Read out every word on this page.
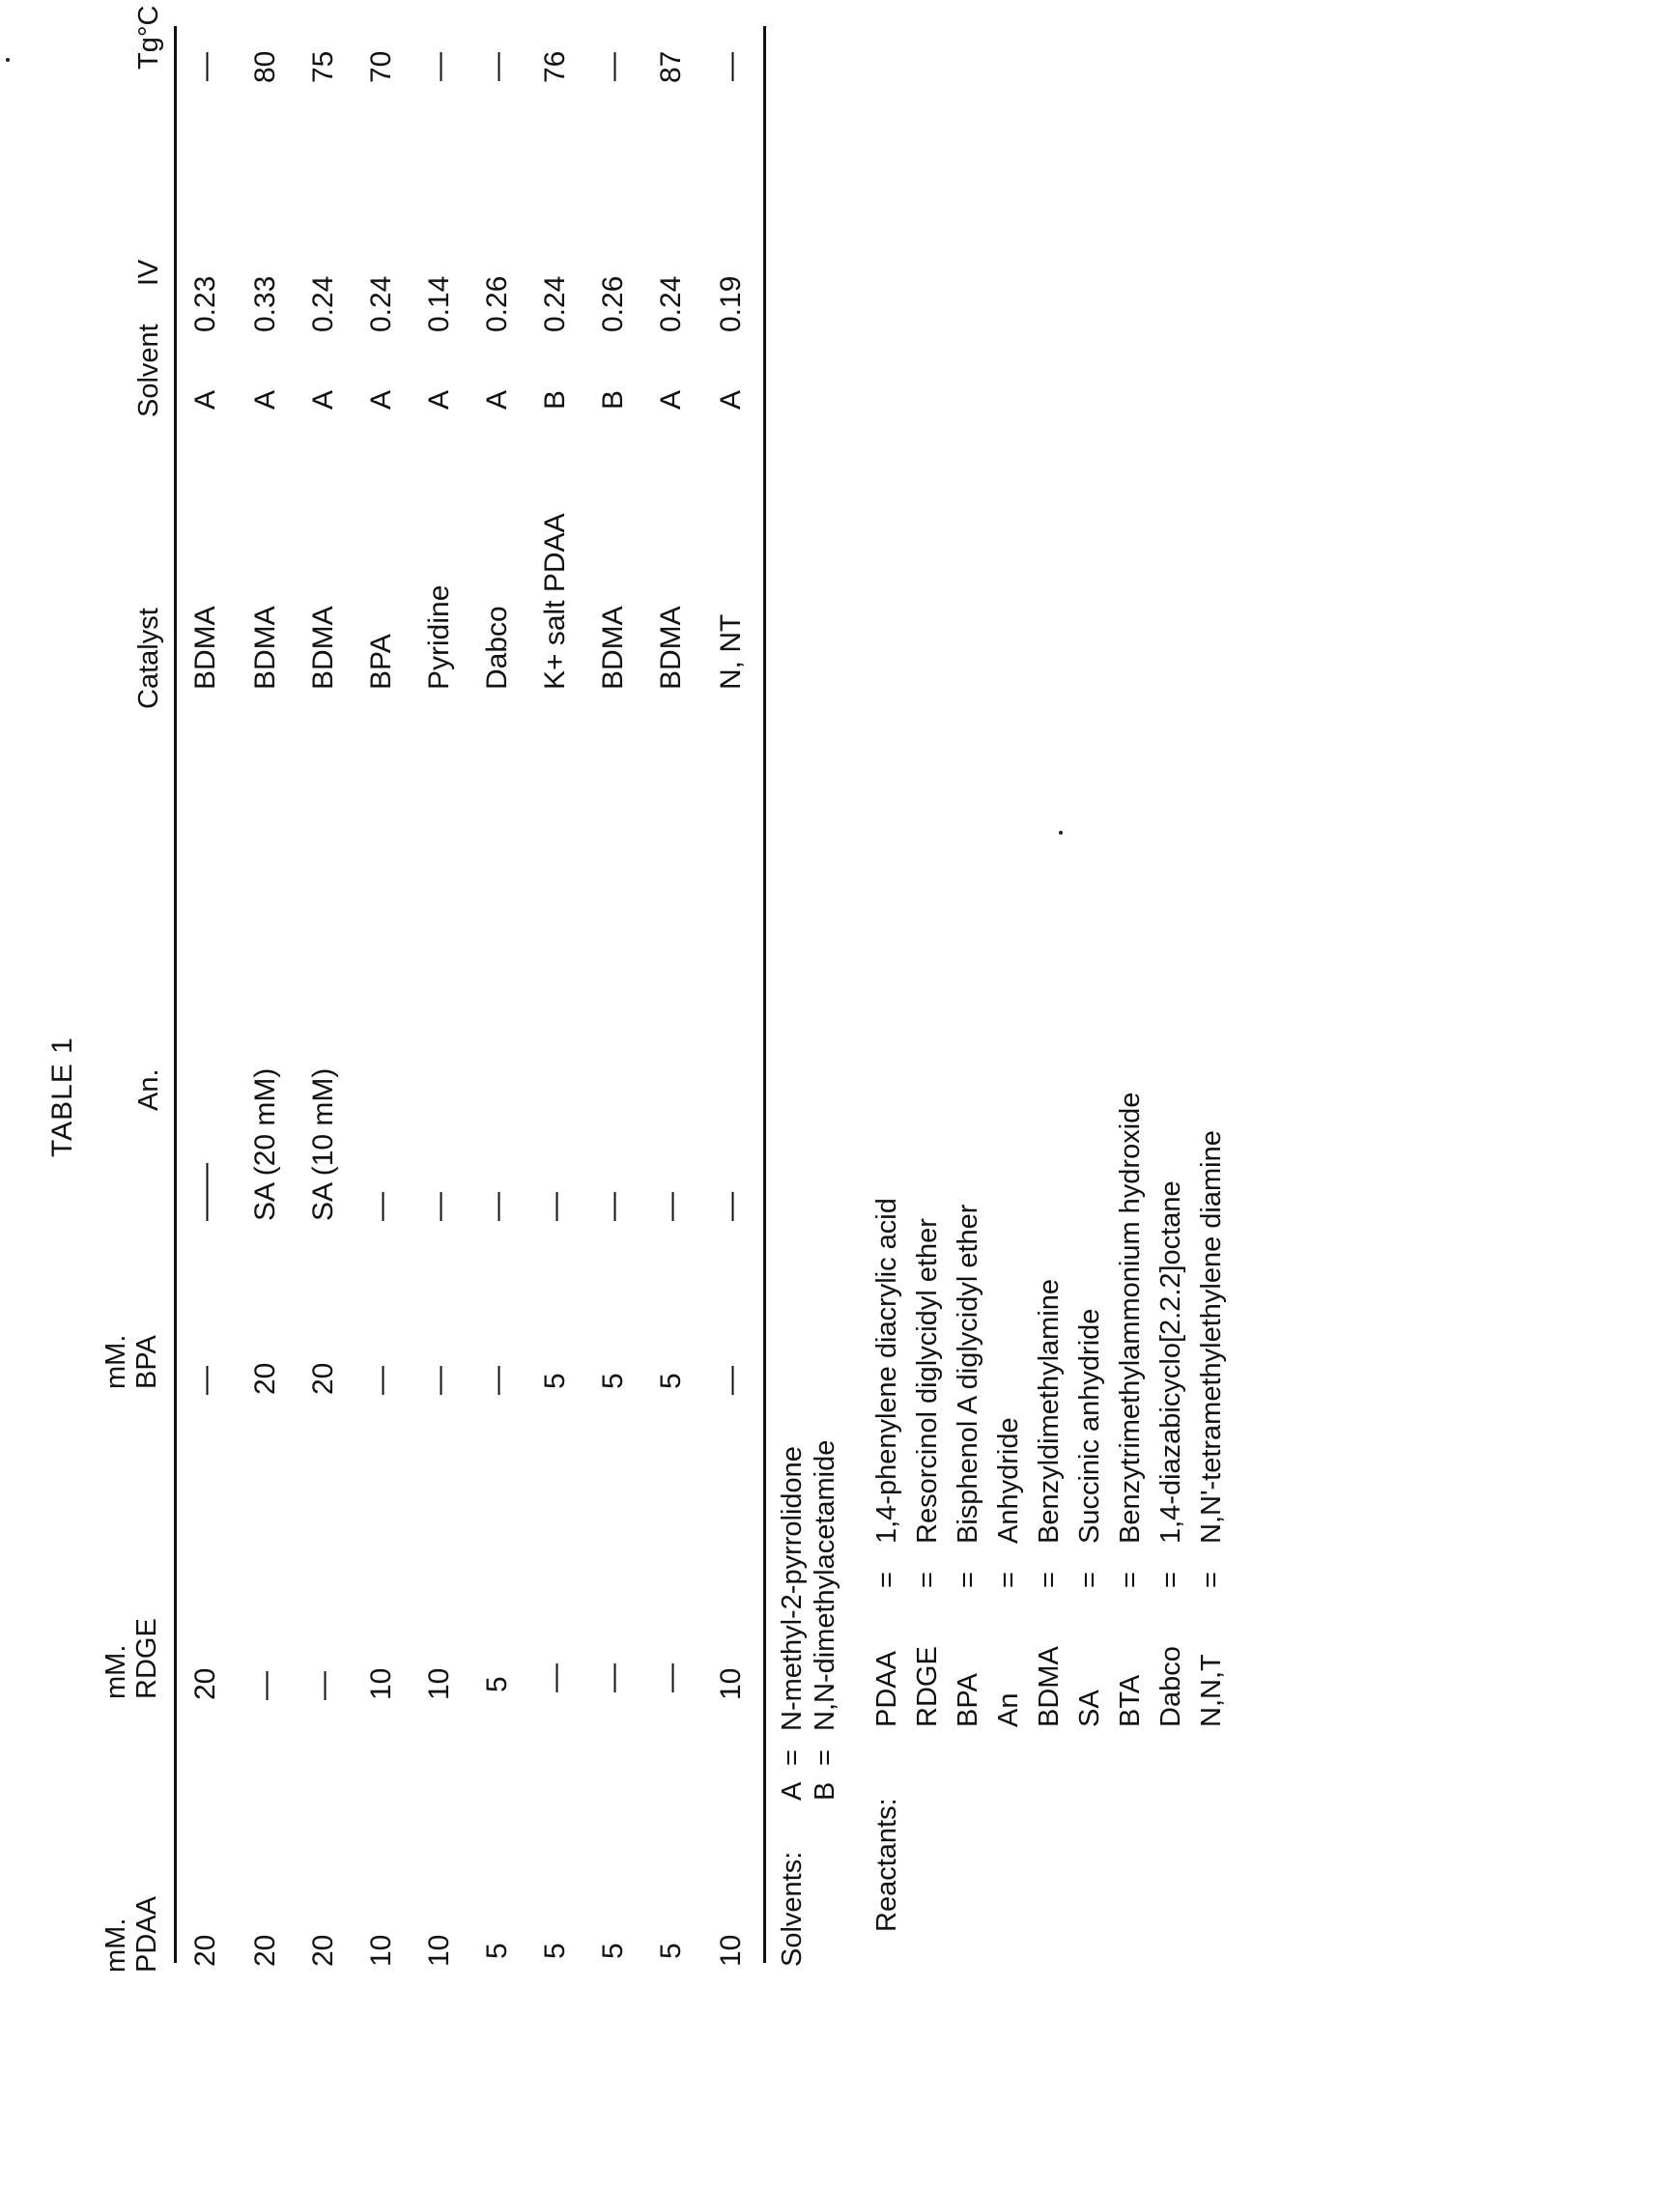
TABLE 1
mM. PDAA
mM. RDGE
mM. BPA
An.
Catalyst
Solvent
IV
Tg°C
20
20
—
——
BDMA
A
0.23
—
20
—
20
SA (20 mM)
BDMA
A
0.33
80
20
—
20
SA (10 mM)
BDMA
A
0.24
75
10
10
—
—
BPA
A
0.24
70
10
10
—
—
Pyridine
A
0.14
—
5
5
—
—
Dabco
A
0.26
—
5
—
5
—
K+ salt PDAA
B
0.24
76
5
—
5
—
BDMA
B
0.26
—
5
—
5
—
BDMA
A
0.24
87
10
10
—
—
N, NT
A
0.19
—
Solvents:
A
=
N-methyl-2-pyrrolidone
B
=
N,N-dimethylacetamide
Reactants:
PDAA
=
1,4-phenylene diacrylic acid
RDGE
=
Resorcinol diglycidyl ether
BPA
=
Bisphenol A diglycidyl ether
An
=
Anhydride
BDMA
=
Benzyldimethylamine
SA
=
Succinic anhydride
BTA
=
Benzytrimethylammonium hydroxide
Dabco
=
1,4-diazabicyclo[2.2.2]octane
N,N,T
=
N,N'-tetramethylethylene diamine
